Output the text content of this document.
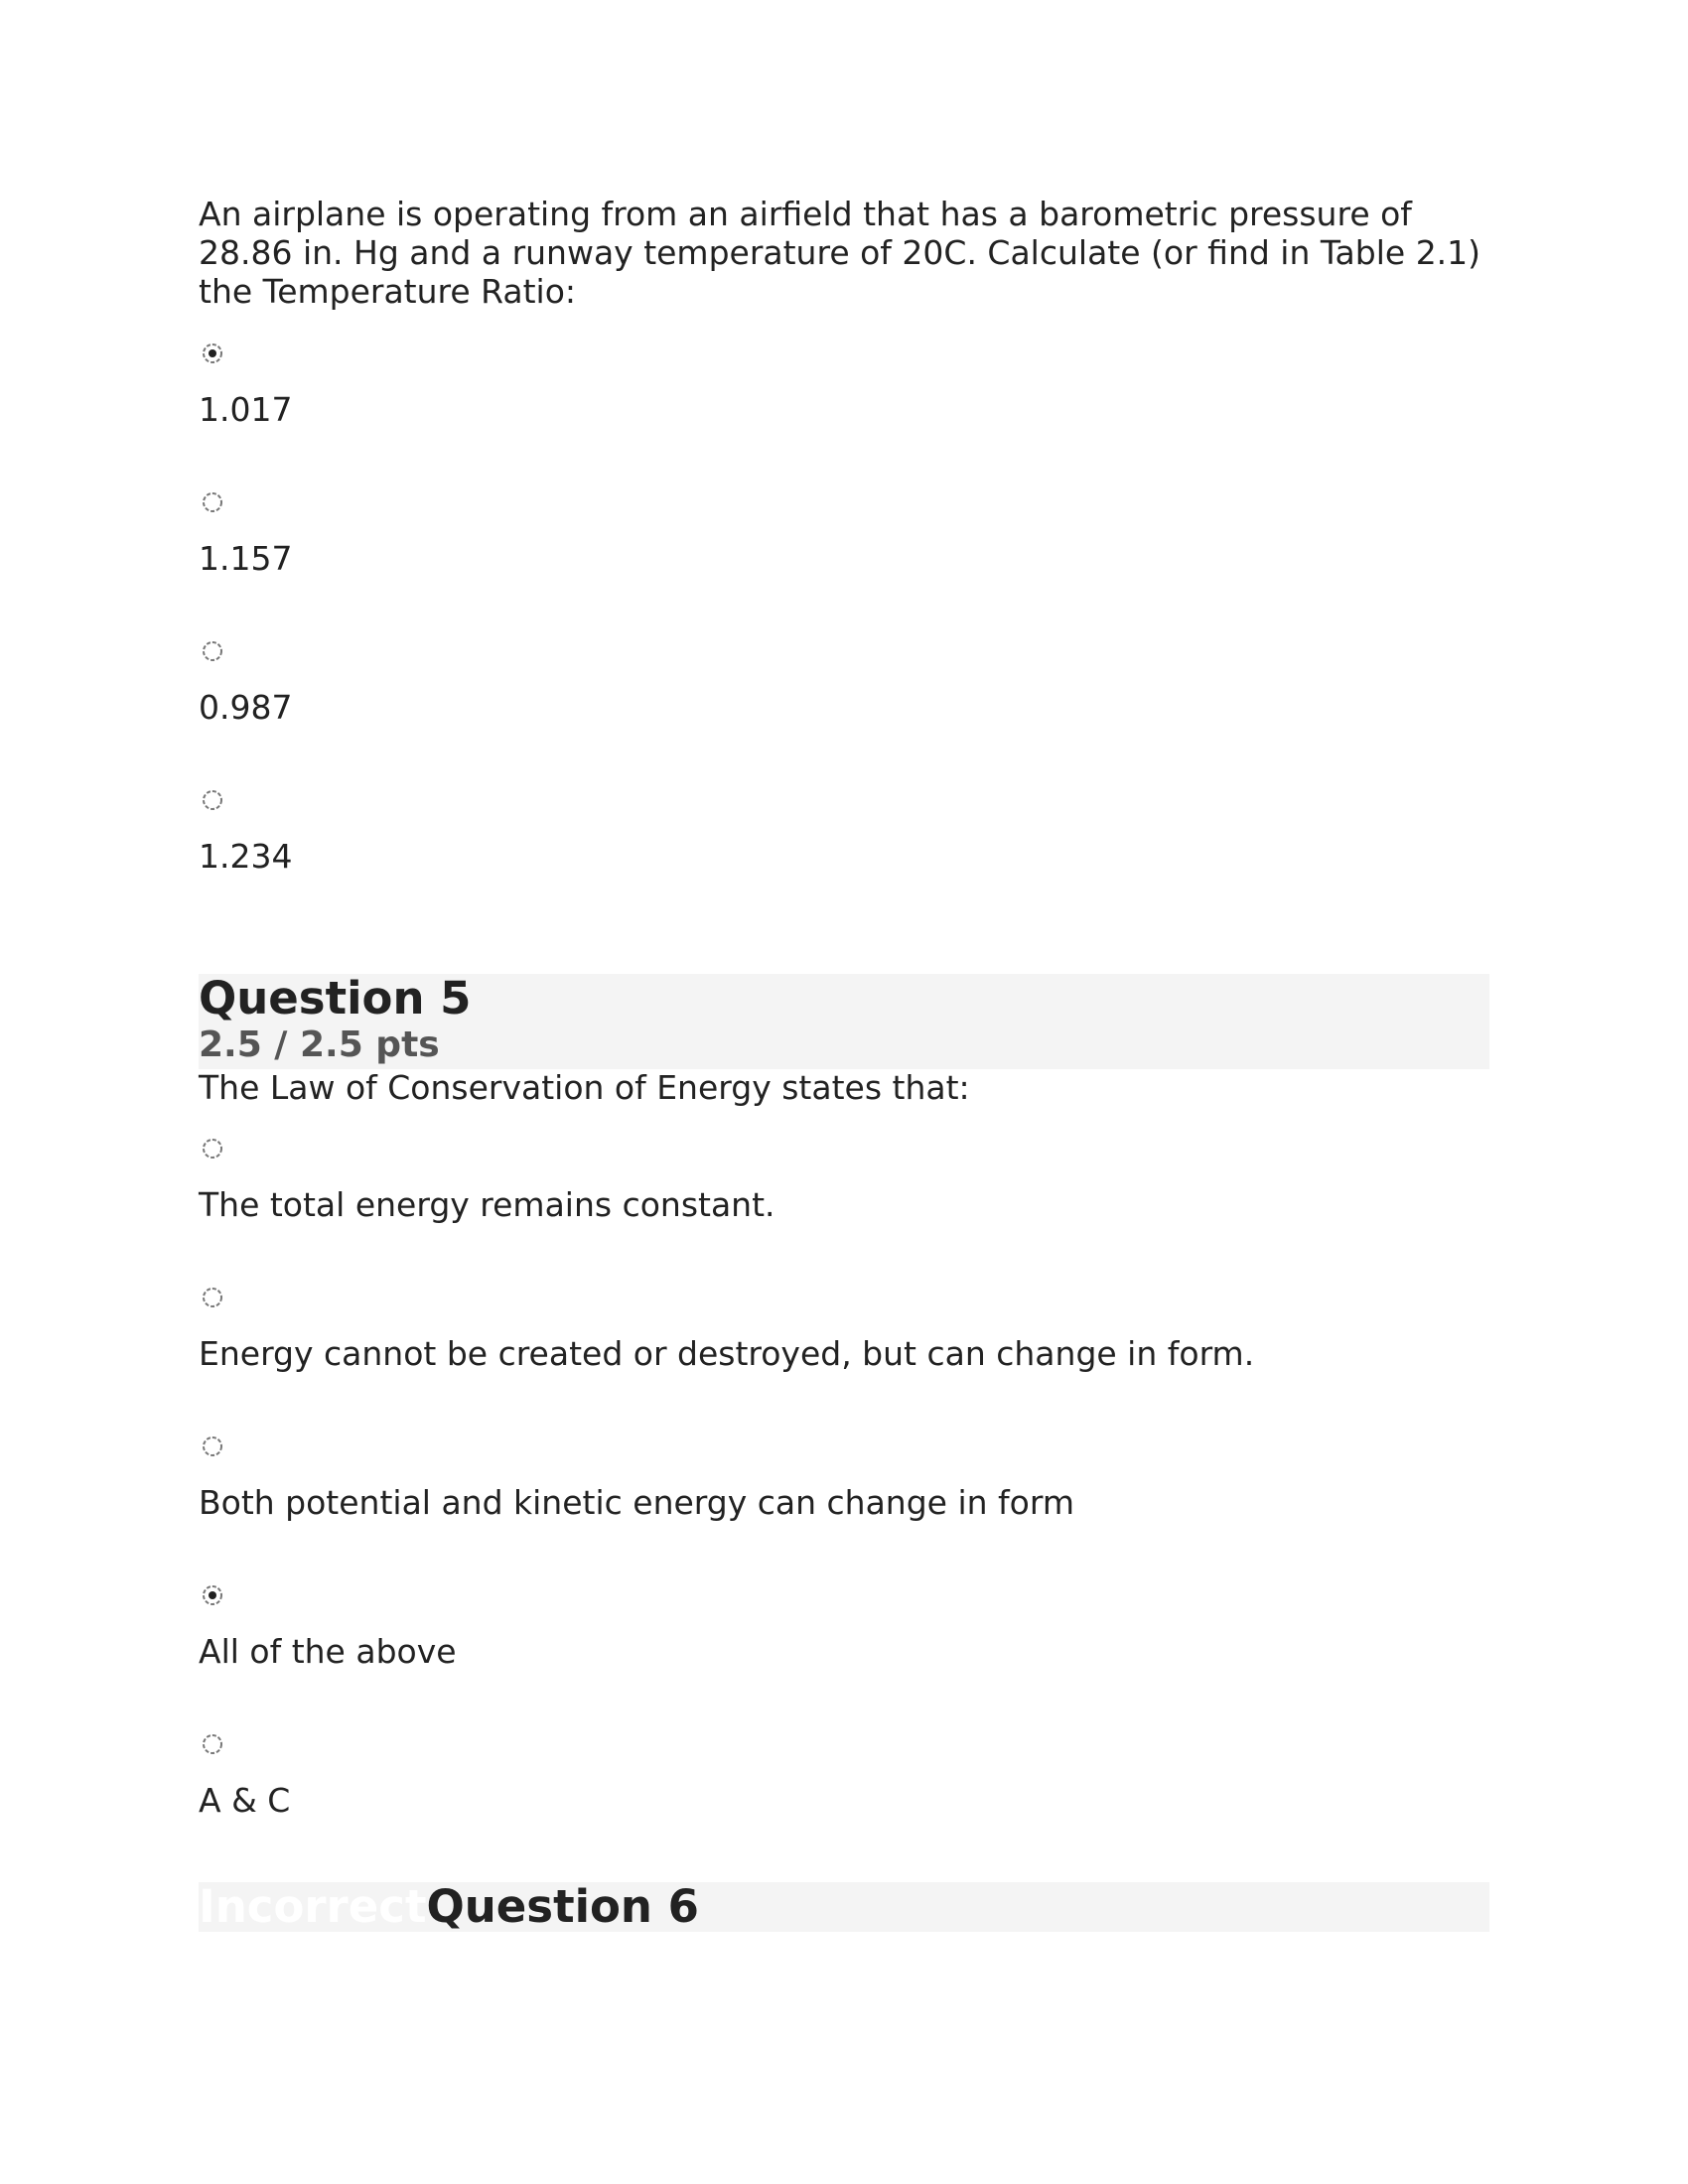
An airplane is operating from an airfield that has a barometric pressure of 28.86 in. Hg and a runway temperature of 20C. Calculate (or find in Table 2.1) the Temperature Ratio:

1.017
1.157
0.987
1.234
Question 5
2.5 / 2.5 pts

The Law of Conservation of Energy states that:

The total energy remains constant.
Energy cannot be created or destroyed, but can change in form.
Both potential and kinetic energy can change in form
All of the above
A & C
IncorrectQuestion 6
